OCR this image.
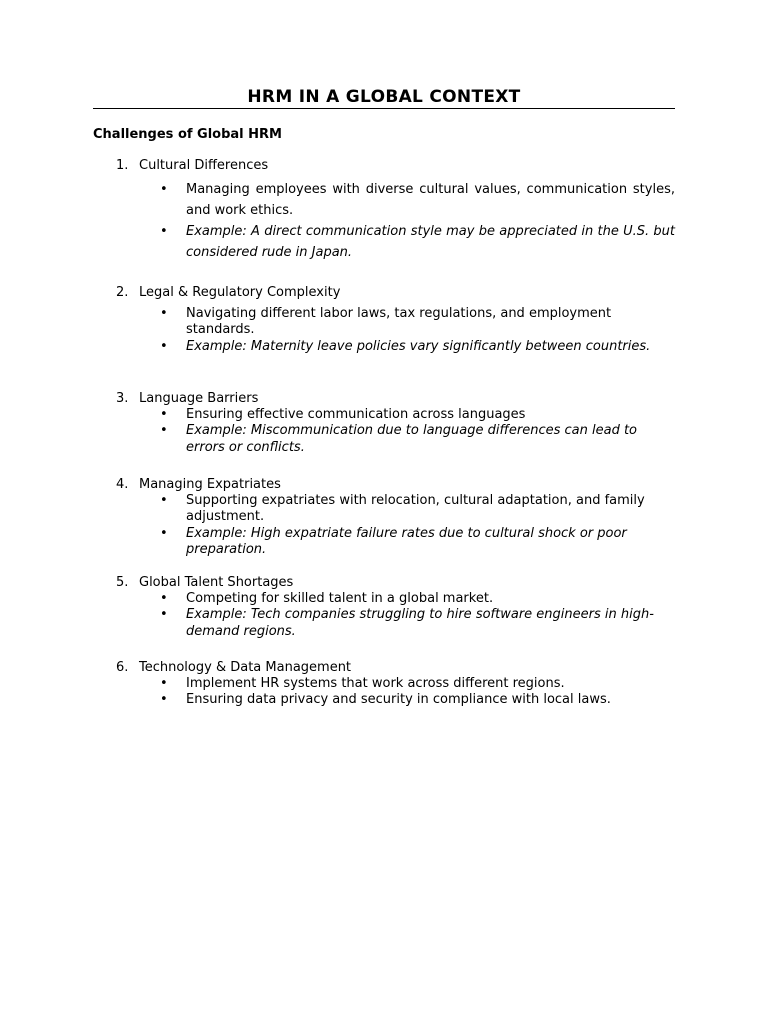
HRM IN A GLOBAL CONTEXT
Challenges of Global HRM
1. Cultural Differences
• Managing employees with diverse cultural values, communication styles, and work ethics.
• Example: A direct communication style may be appreciated in the U.S. but considered rude in Japan.
2. Legal & Regulatory Complexity
• Navigating different labor laws, tax regulations, and employment standards.
• Example: Maternity leave policies vary significantly between countries.
3. Language Barriers
• Ensuring effective communication across languages
• Example: Miscommunication due to language differences can lead to errors or conflicts.
4. Managing Expatriates
• Supporting expatriates with relocation, cultural adaptation, and family adjustment.
• Example: High expatriate failure rates due to cultural shock or poor preparation.
5. Global Talent Shortages
• Competing for skilled talent in a global market.
• Example: Tech companies struggling to hire software engineers in high-demand regions.
6. Technology & Data Management
• Implement HR systems that work across different regions.
• Ensuring data privacy and security in compliance with local laws.
